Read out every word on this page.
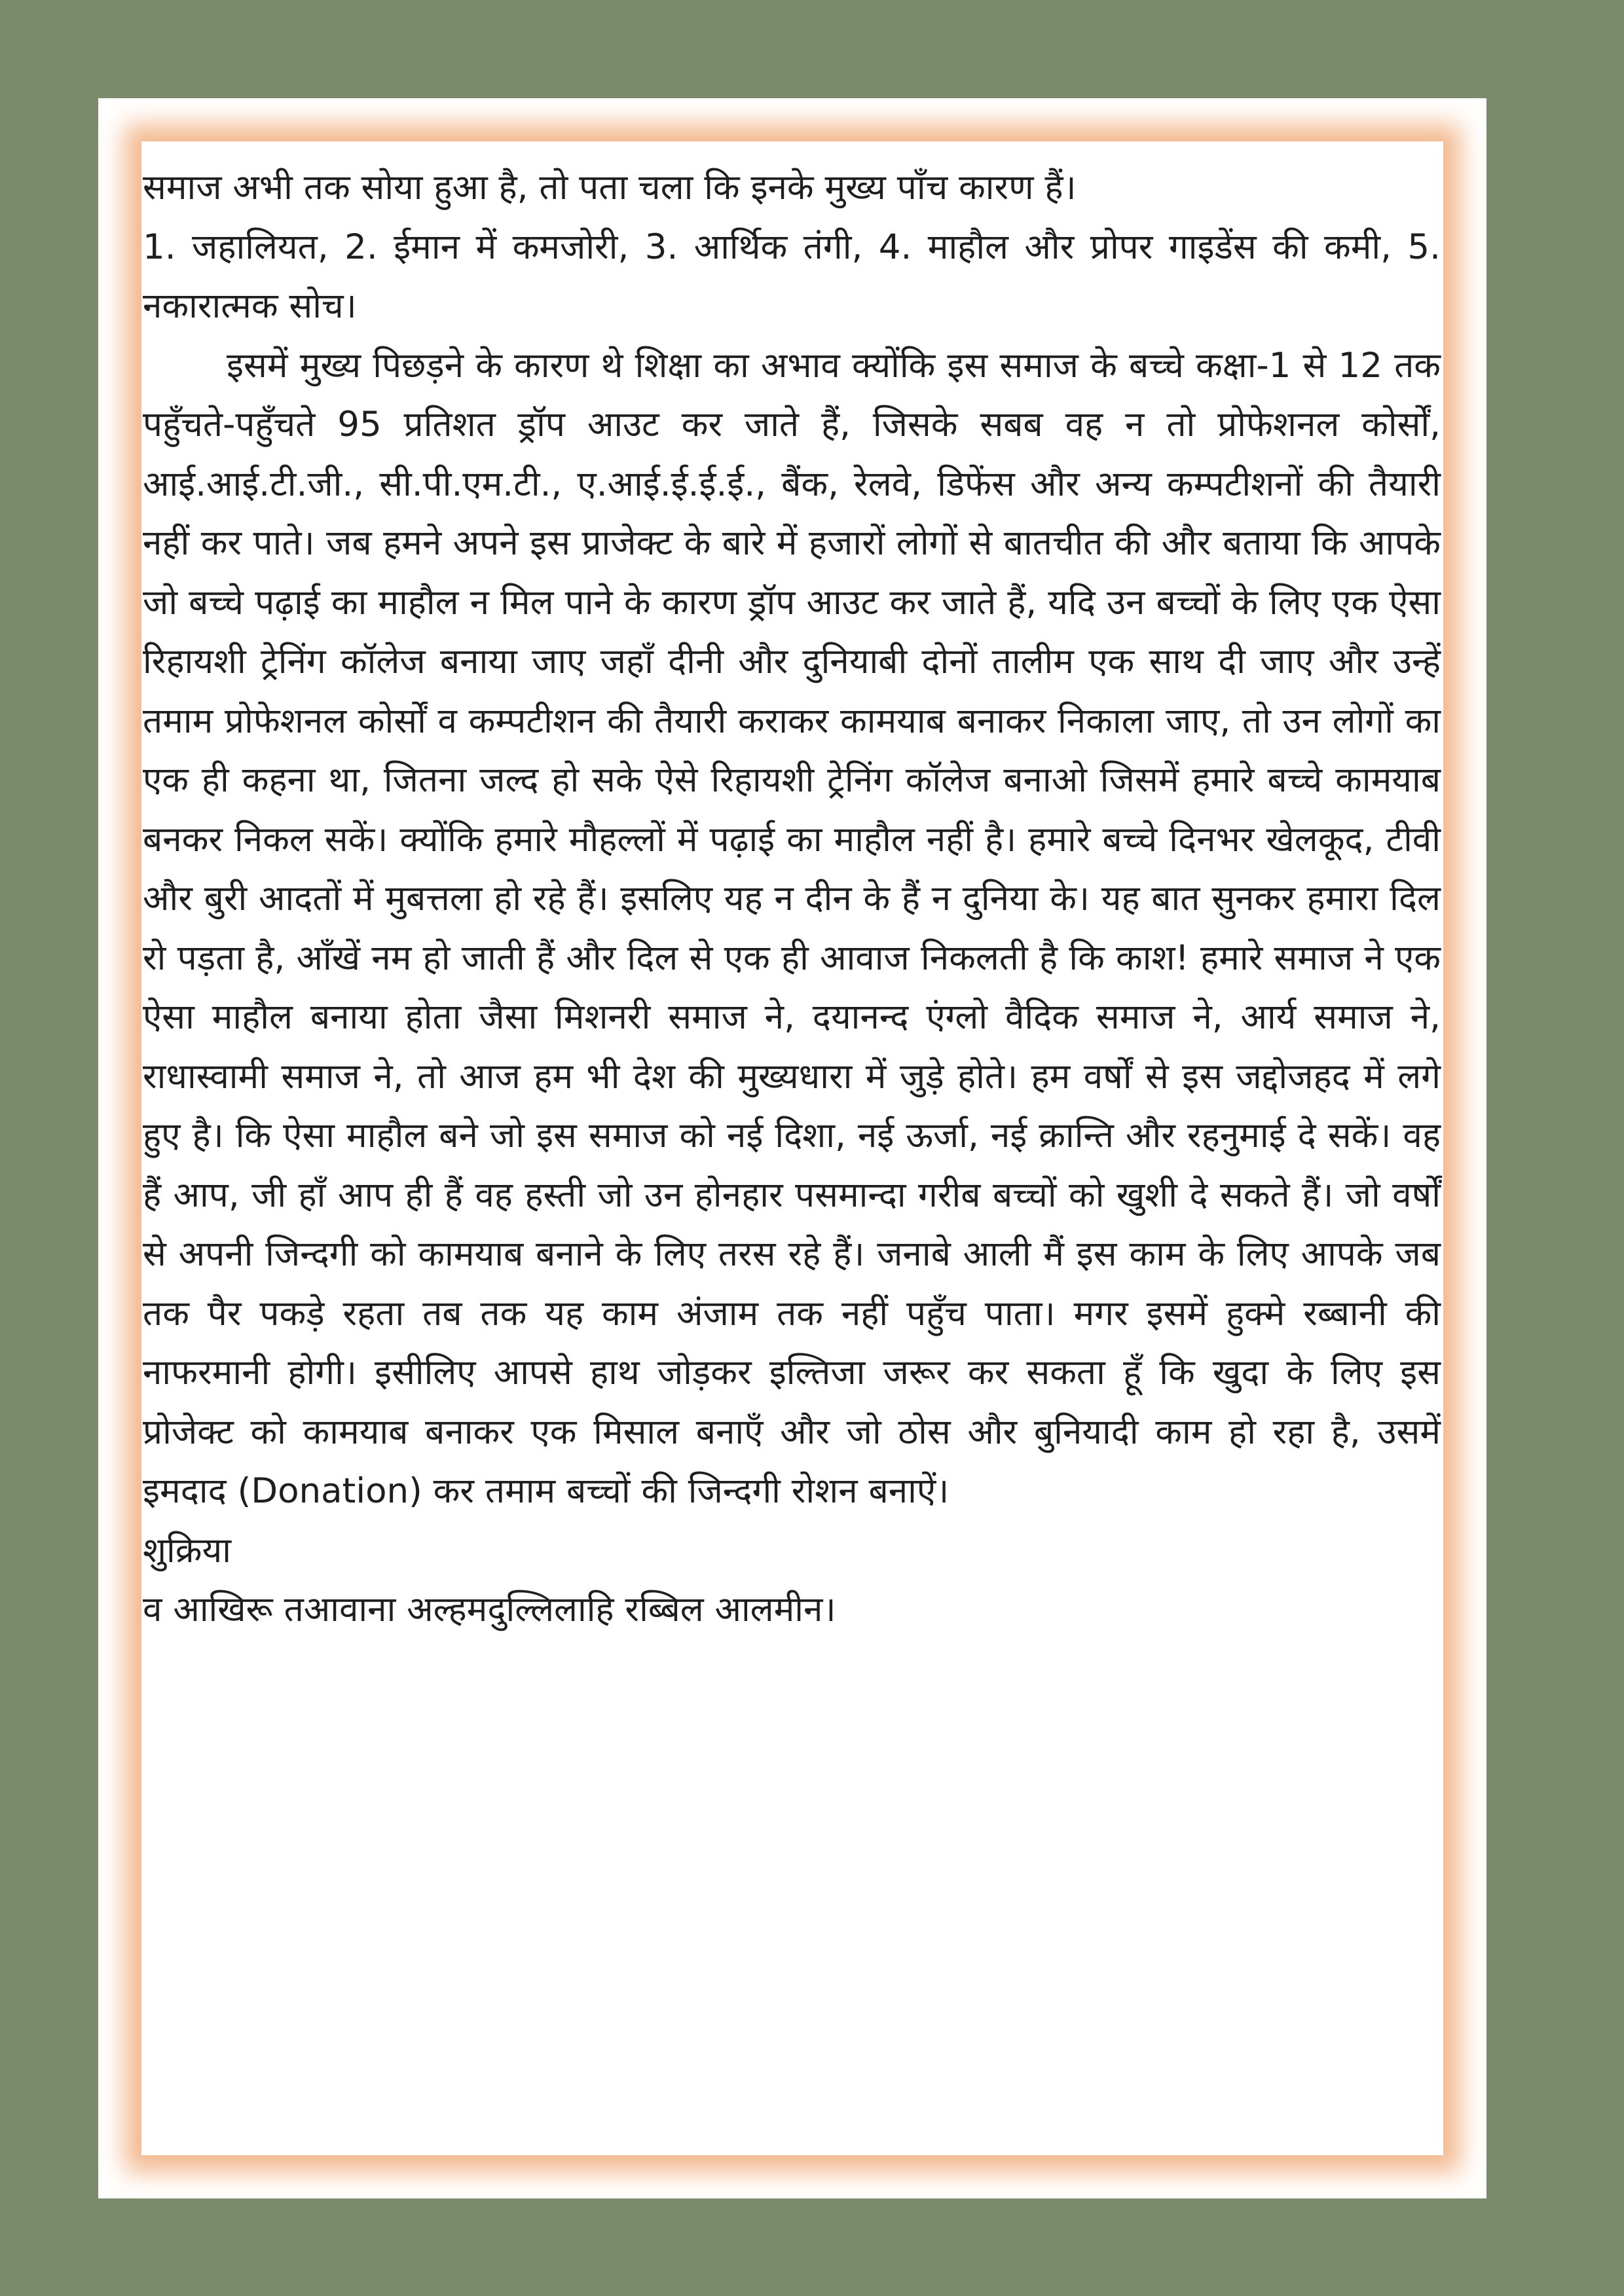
समाज अभी तक सोया हुआ है, तो पता चला कि इनके मुख्य पाँच कारण हैं।

1. जहालियत, 2. ईमान में कमजोरी, 3. आर्थिक तंगी, 4. माहौल और प्रोपर गाइडेंस की कमी, 5. नकारात्मक सोच।

इसमें मुख्य पिछड़ने के कारण थे शिक्षा का अभाव क्योंकि इस समाज के बच्चे कक्षा-1 से 12 तक पहुँचते-पहुँचते 95 प्रतिशत ड्रॉप आउट कर जाते हैं, जिसके सबब वह न तो प्रोफेशनल कोर्सों, आई.आई.टी.जी., सी.पी.एम.टी., ए.आई.ई.ई.ई., बैंक, रेलवे, डिफेंस और अन्य कम्पटीशनों की तैयारी नहीं कर पाते। जब हमने अपने इस प्राजेक्ट के बारे में हजारों लोगों से बातचीत की और बताया कि आपके जो बच्चे पढ़ाई का माहौल न मिल पाने के कारण ड्रॉप आउट कर जाते हैं, यदि उन बच्चों के लिए एक ऐसा रिहायशी ट्रेनिंग कॉलेज बनाया जाए जहाँ दीनी और दुनियाबी दोनों तालीम एक साथ दी जाए और उन्हें तमाम प्रोफेशनल कोर्सों व कम्पटीशन की तैयारी कराकर कामयाब बनाकर निकाला जाए, तो उन लोगों का एक ही कहना था, जितना जल्द हो सके ऐसे रिहायशी ट्रेनिंग कॉलेज बनाओ जिसमें हमारे बच्चे कामयाब बनकर निकल सकें। क्योंकि हमारे मौहल्लों में पढ़ाई का माहौल नहीं है। हमारे बच्चे दिनभर खेलकूद, टीवी और बुरी आदतों में मुबत्तला हो रहे हैं। इसलिए यह न दीन के हैं न दुनिया के। यह बात सुनकर हमारा दिल रो पड़ता है, आँखें नम हो जाती हैं और दिल से एक ही आवाज निकलती है कि काश! हमारे समाज ने एक ऐसा माहौल बनाया होता जैसा मिशनरी समाज ने, दयानन्द एंग्लो वैदिक समाज ने, आर्य समाज ने, राधास्वामी समाज ने, तो आज हम भी देश की मुख्यधारा में जुड़े होते। हम वर्षों से इस जद्दोजहद में लगे हुए है। कि ऐसा माहौल बने जो इस समाज को नई दिशा, नई ऊर्जा, नई क्रान्ति और रहनुमाई दे सकें। वह हैं आप, जी हाँ आप ही हैं वह हस्ती जो उन होनहार पसमान्दा गरीब बच्चों को खुशी दे सकते हैं। जो वर्षों से अपनी जिन्दगी को कामयाब बनाने के लिए तरस रहे हैं। जनाबे आली मैं इस काम के लिए आपके जब तक पैर पकड़े रहता तब तक यह काम अंजाम तक नहीं पहुँच पाता। मगर इसमें हुक्मे रब्बानी की नाफरमानी होगी। इसीलिए आपसे हाथ जोड़कर इल्तिजा जरूर कर सकता हूँ कि खुदा के लिए इस प्रोजेक्ट को कामयाब बनाकर एक मिसाल बनाएँ और जो ठोस और बुनियादी काम हो रहा है, उसमें इमदाद (Donation) कर तमाम बच्चों की जिन्दगी रोशन बनाऐं।

शुक्रिया

व आखिरू तआवाना अल्हमदुल्लिलाहि रब्बिल आलमीन।
